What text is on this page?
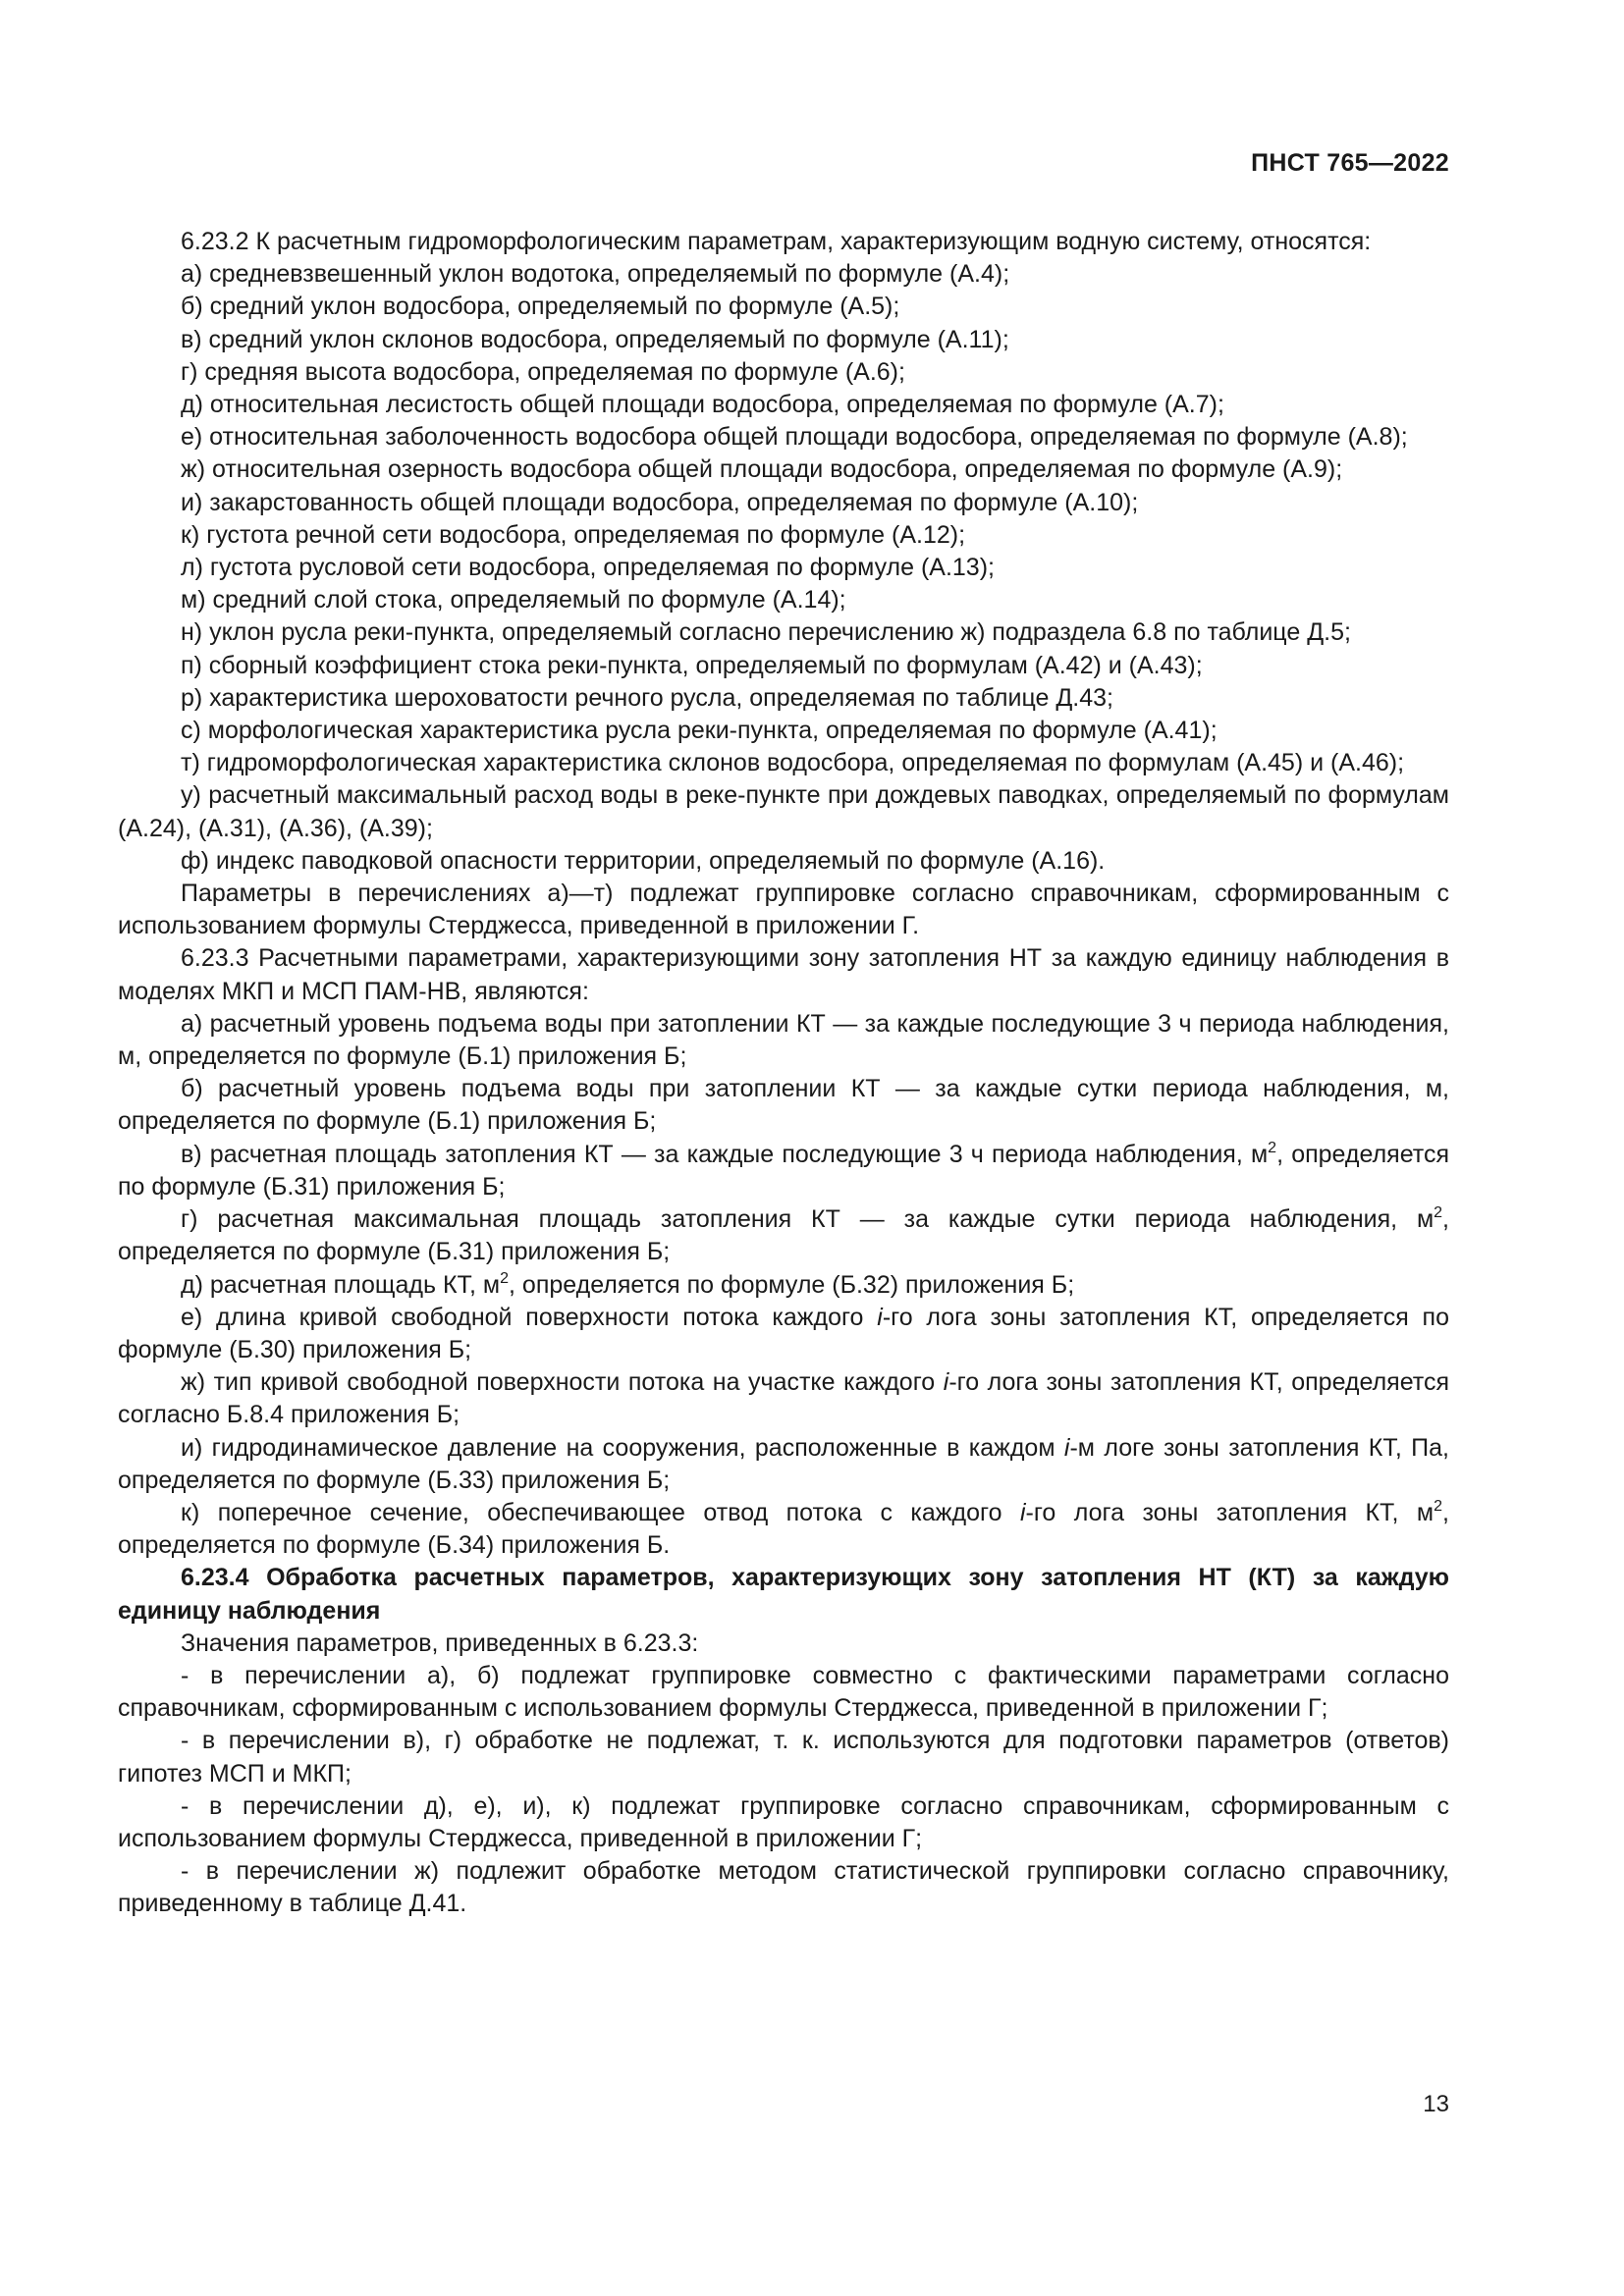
ПНСТ 765—2022

6.23.2 К расчетным гидроморфологическим параметрам, характеризующим водную систему, относятся:

а) средневзвешенный уклон водотока, определяемый по формуле (А.4);

б) средний уклон водосбора, определяемый по формуле (А.5);

в) средний уклон склонов водосбора, определяемый по формуле (А.11);

г) средняя высота водосбора, определяемая по формуле (А.6);

д) относительная лесистость общей площади водосбора, определяемая по формуле (А.7);

е) относительная заболоченность водосбора общей площади водосбора, определяемая по формуле (А.8);

ж) относительная озерность водосбора общей площади водосбора, определяемая по формуле (А.9);

и) закарстованность общей площади водосбора, определяемая по формуле (А.10);

к) густота речной сети водосбора, определяемая по формуле (А.12);

л) густота русловой сети водосбора, определяемая по формуле (А.13);

м) средний слой стока, определяемый по формуле (А.14);

н) уклон русла реки-пункта, определяемый согласно перечислению ж) подраздела 6.8 по таблице Д.5;

п) сборный коэффициент стока реки-пункта, определяемый по формулам (А.42) и (А.43);

р) характеристика шероховатости речного русла, определяемая по таблице Д.43;

с) морфологическая характеристика русла реки-пункта, определяемая по формуле (А.41);

т) гидроморфологическая характеристика склонов водосбора, определяемая по формулам (А.45) и (А.46);

у) расчетный максимальный расход воды в реке-пункте при дождевых паводках, определяемый по формулам (А.24), (А.31), (А.36), (А.39);

ф) индекс паводковой опасности территории, определяемый по формуле (А.16).

Параметры в перечислениях а)—т) подлежат группировке согласно справочникам, сформированным с использованием формулы Стерджесса, приведенной в приложении Г.

6.23.3 Расчетными параметрами, характеризующими зону затопления НТ за каждую единицу наблюдения в моделях МКП и МСП ПАМ-НВ, являются:

а) расчетный уровень подъема воды при затоплении КТ — за каждые последующие 3 ч периода наблюдения, м, определяется по формуле (Б.1) приложения Б;

б) расчетный уровень подъема воды при затоплении КТ — за каждые сутки периода наблюдения, м, определяется по формуле (Б.1) приложения Б;

в) расчетная площадь затопления КТ — за каждые последующие 3 ч периода наблюдения, $м^2$, определяется по формуле (Б.31) приложения Б;

г) расчетная максимальная площадь затопления КТ — за каждые сутки периода наблюдения, $м^2$, определяется по формуле (Б.31) приложения Б;

д) расчетная площадь КТ, $м^2$, определяется по формуле (Б.32) приложения Б;

е) длина кривой свободной поверхности потока каждого i-го лога зоны затопления КТ, определяется по формуле (Б.30) приложения Б;

ж) тип кривой свободной поверхности потока на участке каждого i-го лога зоны затопления КТ, определяется согласно Б.8.4 приложения Б;

и) гидродинамическое давление на сооружения, расположенные в каждом i-м логе зоны затопления КТ, Па, определяется по формуле (Б.33) приложения Б;

к) поперечное сечение, обеспечивающее отвод потока с каждого i-го лога зоны затопления КТ, $м^2$, определяется по формуле (Б.34) приложения Б.

6.23.4 Обработка расчетных параметров, характеризующих зону затопления НТ (КТ) за каждую единицу наблюдения

Значения параметров, приведенных в 6.23.3:

- в перечислении а), б) подлежат группировке совместно с фактическими параметрами согласно справочникам, сформированным с использованием формулы Стерджесса, приведенной в приложении Г;

- в перечислении в), г) обработке не подлежат, т. к. используются для подготовки параметров (ответов) гипотез МСП и МКП;

- в перечислении д), е), и), к) подлежат группировке согласно справочникам, сформированным с использованием формулы Стерджесса, приведенной в приложении Г;

- в перечислении ж) подлежит обработке методом статистической группировки согласно справочнику, приведенному в таблице Д.41.

13
